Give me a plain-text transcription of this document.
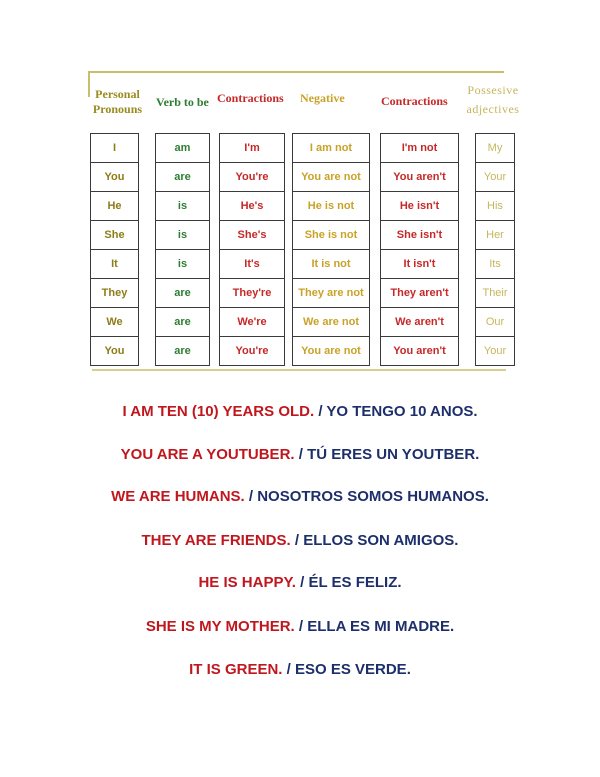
Personal
Pronouns Verb to be Contractions Negative	Contractions
Possesive
adjectives
I
You
He
She
It
They
We
You
am
are
is
is
is
are
are
are
I'm
You're
He's
She's
It's
They're
We're
You're
I am not
You are not
He is not
She is not
It is not
They are not
We are not
You are not
I'm not
You aren't
He isn't
She isn't
It isn't
They aren't
We aren't
You aren't
My
Your
His
Her
Its
Their
Our
Your
I AM TEN (10) YEARS OLD. / YO TENGO 10 ANOS.
YOU ARE A YOUTUBER. / TÚ ERES UN YOUTBER.
WE ARE HUMANS. / NOSOTROS SOMOS HUMANOS.
THEY ARE FRIENDS. / ELLOS SON AMIGOS.
HE IS HAPPY. / ÉL ES FELIZ.
SHE IS MY MOTHER. / ELLA ES MI MADRE.
IT IS GREEN. / ESO ES VERDE.
